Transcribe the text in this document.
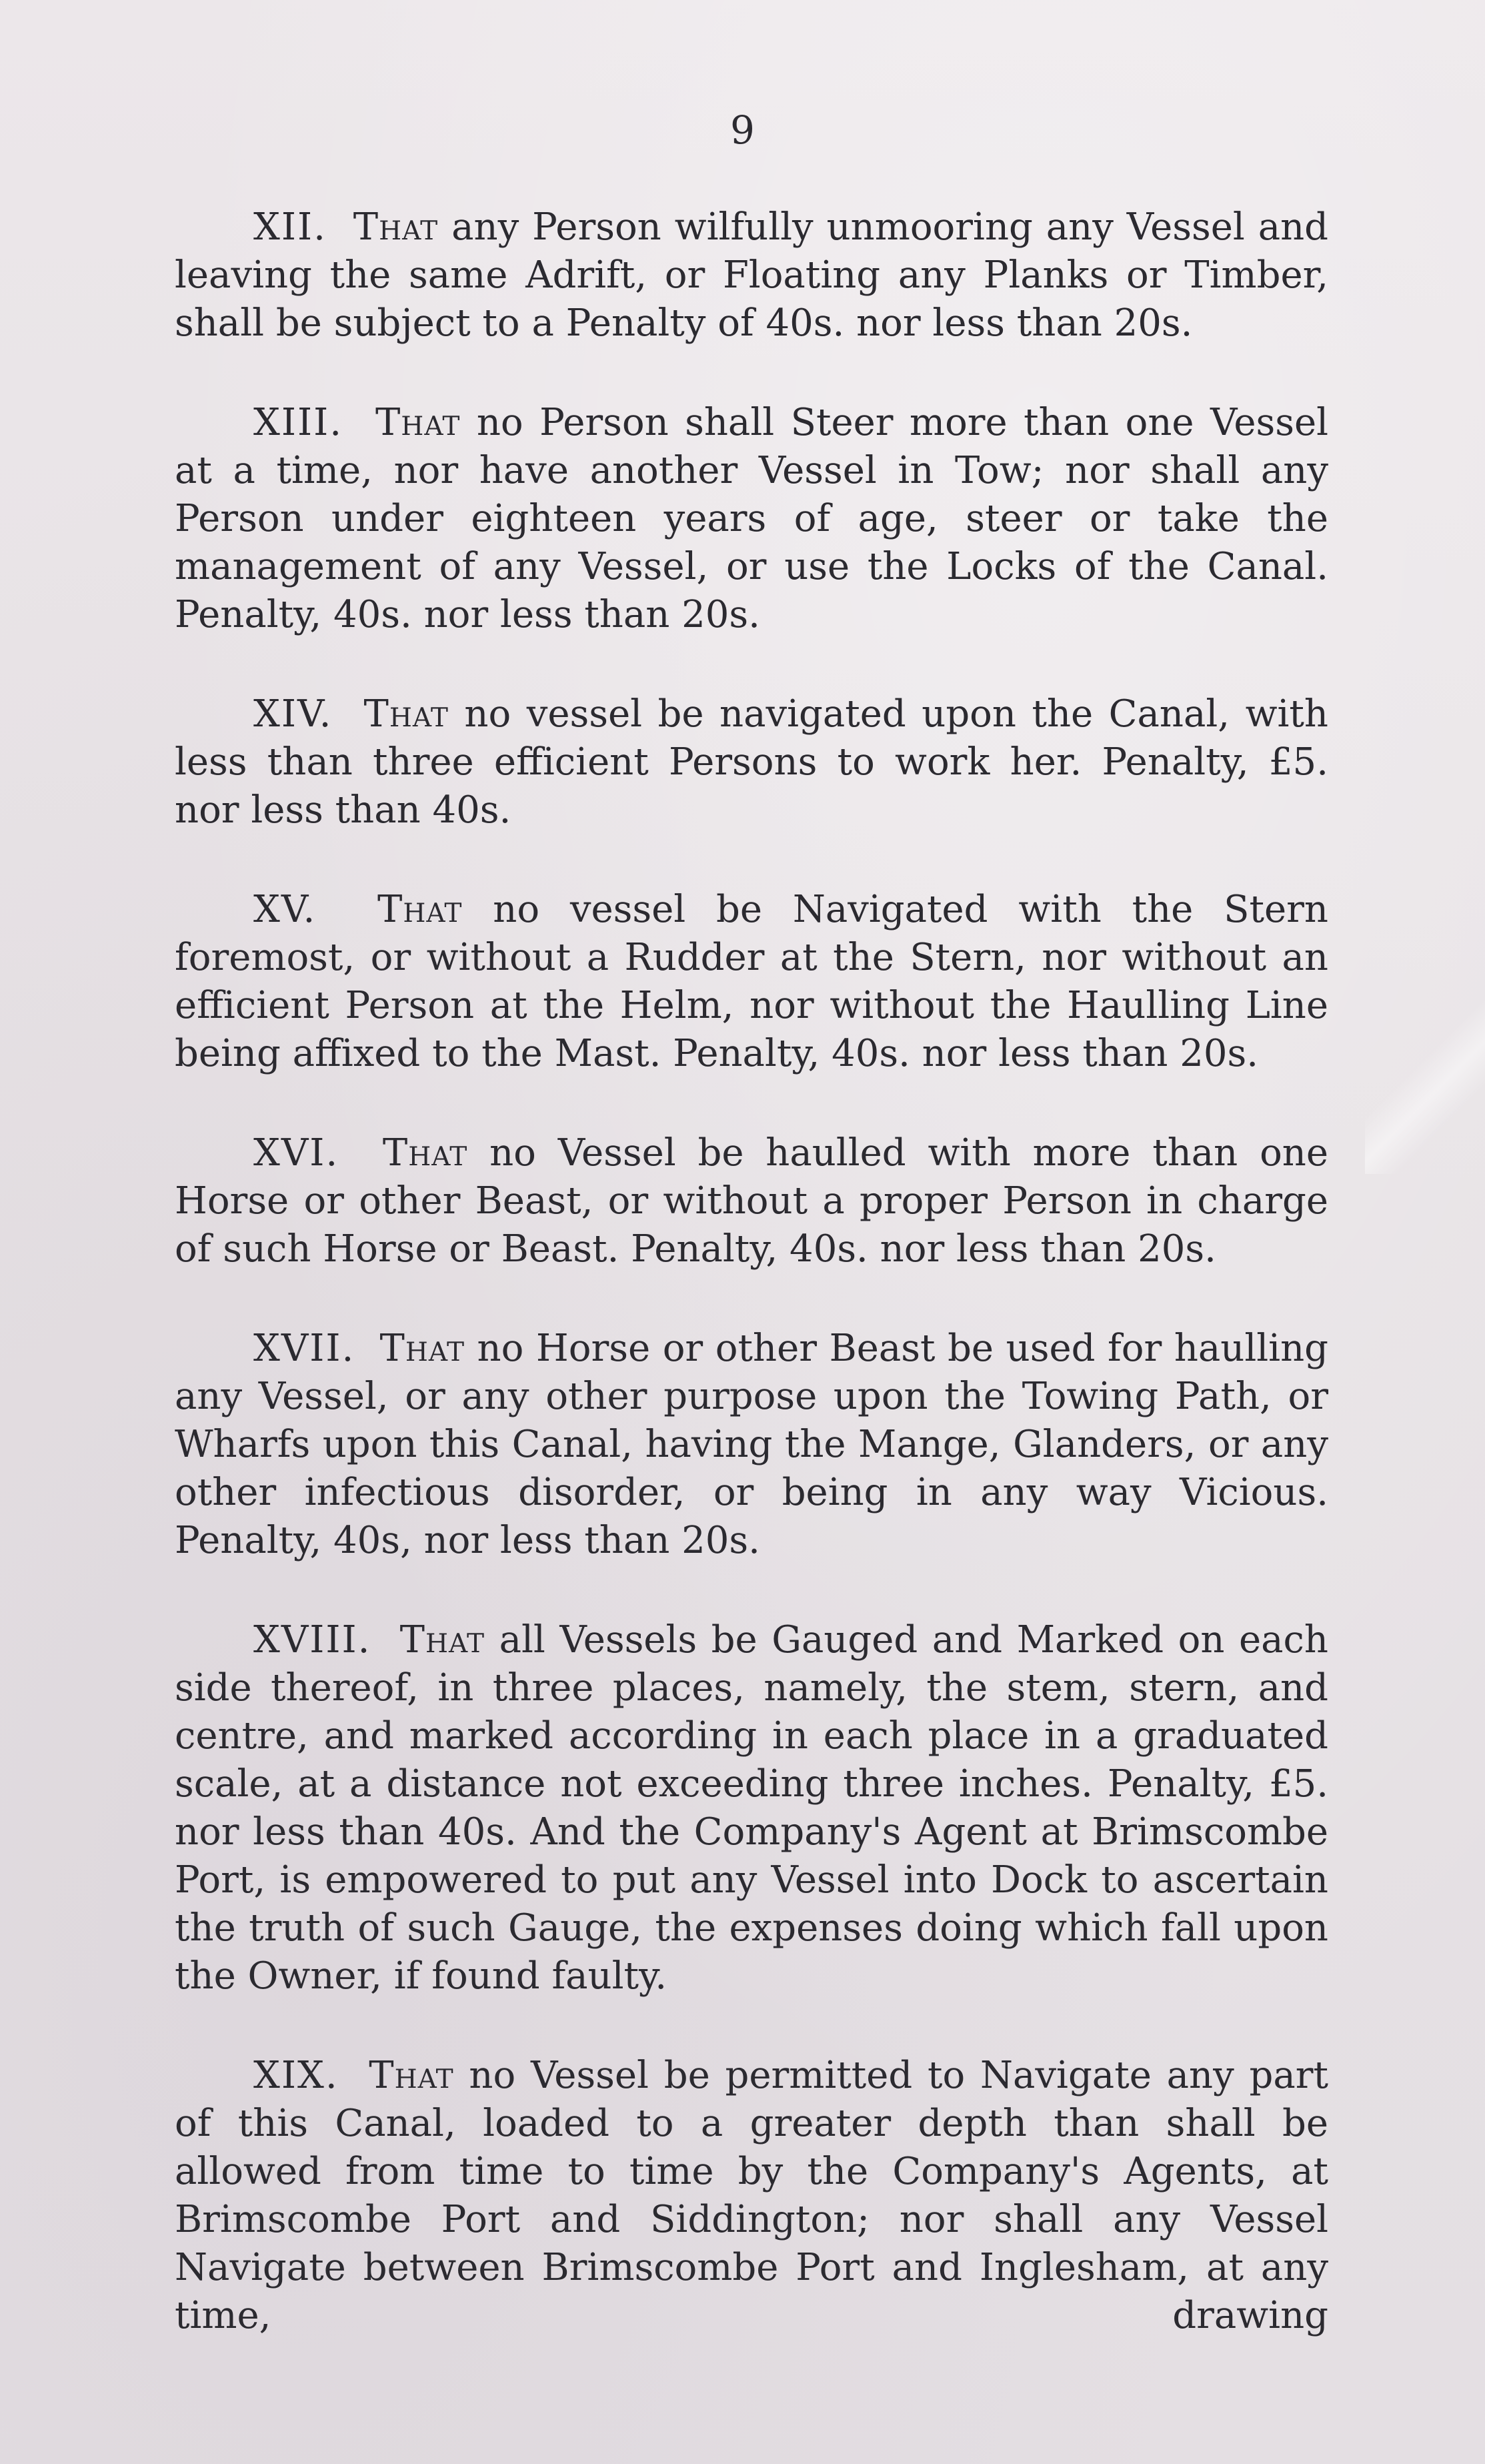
9

XII. That any Person wilfully unmooring any Vessel and leaving the same Adrift, or Floating any Planks or Timber, shall be subject to a Penalty of 40s. nor less than 20s.

XIII. That no Person shall Steer more than one Vessel at a time, nor have another Vessel in Tow; nor shall any Person under eighteen years of age, steer or take the management of any Vessel, or use the Locks of the Canal. Penalty, 40s. nor less than 20s.

XIV. That no vessel be navigated upon the Canal, with less than three efficient Persons to work her. Penalty, £5. nor less than 40s.

XV. That no vessel be Navigated with the Stern foremost, or without a Rudder at the Stern, nor without an efficient Person at the Helm, nor without the Haulling Line being affixed to the Mast. Penalty, 40s. nor less than 20s.

XVI. That no Vessel be haulled with more than one Horse or other Beast, or without a proper Person in charge of such Horse or Beast. Penalty, 40s. nor less than 20s.

XVII. That no Horse or other Beast be used for haulling any Vessel, or any other purpose upon the Towing Path, or Wharfs upon this Canal, having the Mange, Glanders, or any other infectious disorder, or being in any way Vicious. Penalty, 40s, nor less than 20s.

XVIII. That all Vessels be Gauged and Marked on each side thereof, in three places, namely, the stem, stern, and centre, and marked according in each place in a graduated scale, at a distance not exceeding three inches. Penalty, £5. nor less than 40s. And the Company's Agent at Brimscombe Port, is empowered to put any Vessel into Dock to ascertain the truth of such Gauge, the expenses doing which fall upon the Owner, if found faulty.

XIX. That no Vessel be permitted to Navigate any part of this Canal, loaded to a greater depth than shall be allowed from time to time by the Company's Agents, at Brimscombe Port and Siddington; nor shall any Vessel Navigate between Brimscombe Port and Inglesham, at any time, drawing
